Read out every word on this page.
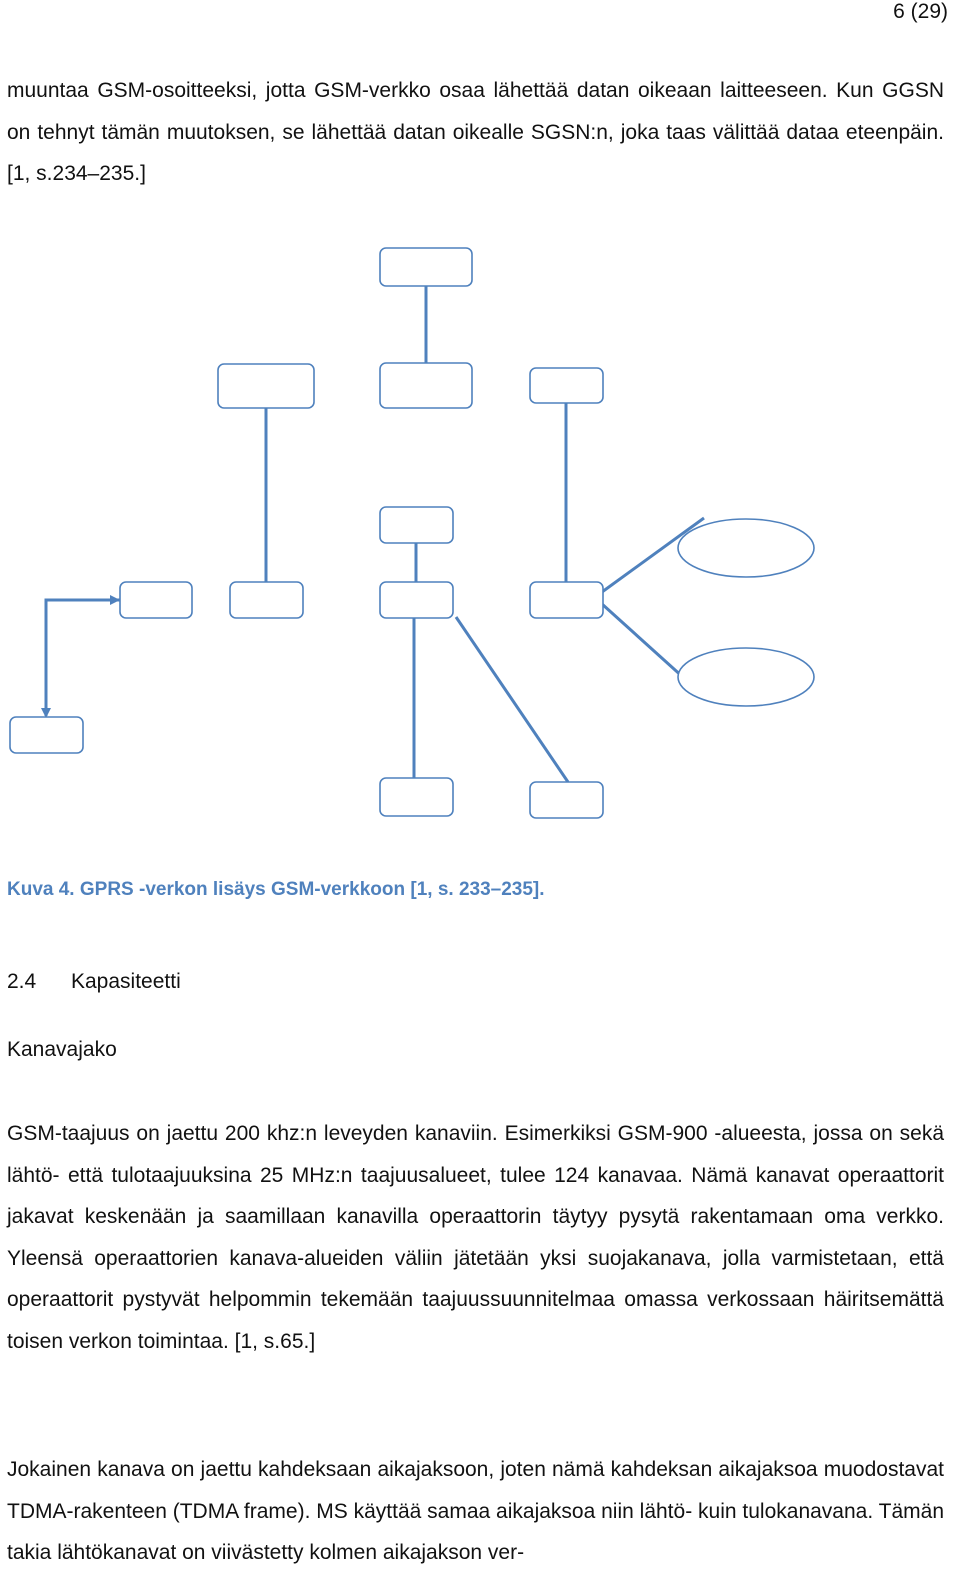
6 (29)

muuntaa GSM-osoitteeksi, jotta GSM-verkko osaa lähettää datan oikeaan laitteeseen. Kun GGSN on tehnyt tämän muutoksen, se lähettää datan oikealle SGSN:n, joka taas välittää dataa eteenpäin. [1, s.234–235.]

Kuva 4. GPRS -verkon lisäys GSM-verkkoon [1, s. 233–235].
2.4 Kapasiteetti
Kanavajako

GSM-taajuus on jaettu 200 khz:n leveyden kanaviin. Esimerkiksi GSM-900 -alueesta, jossa on sekä lähtö- että tulotaajuuksina 25 MHz:n taajuusalueet, tulee 124 kanavaa. Nämä kanavat operaattorit jakavat keskenään ja saamillaan kanavilla operaattorin täytyy pysytä rakentamaan oma verkko. Yleensä operaattorien kanava-alueiden väliin jätetään yksi suojakanava, jolla varmistetaan, että operaattorit pystyvät helpommin tekemään taajuussuunnitelmaa omassa verkossaan häiritsemättä toisen verkon toimintaa. [1, s.65.]

Jokainen kanava on jaettu kahdeksaan aikajaksoon, joten nämä kahdeksan aikajaksoa muodostavat TDMA-rakenteen (TDMA frame). MS käyttää samaa aikajaksoa niin lähtö- kuin tulokanavana. Tämän takia lähtökanavat on viivästetty kolmen aikajakson ver-
